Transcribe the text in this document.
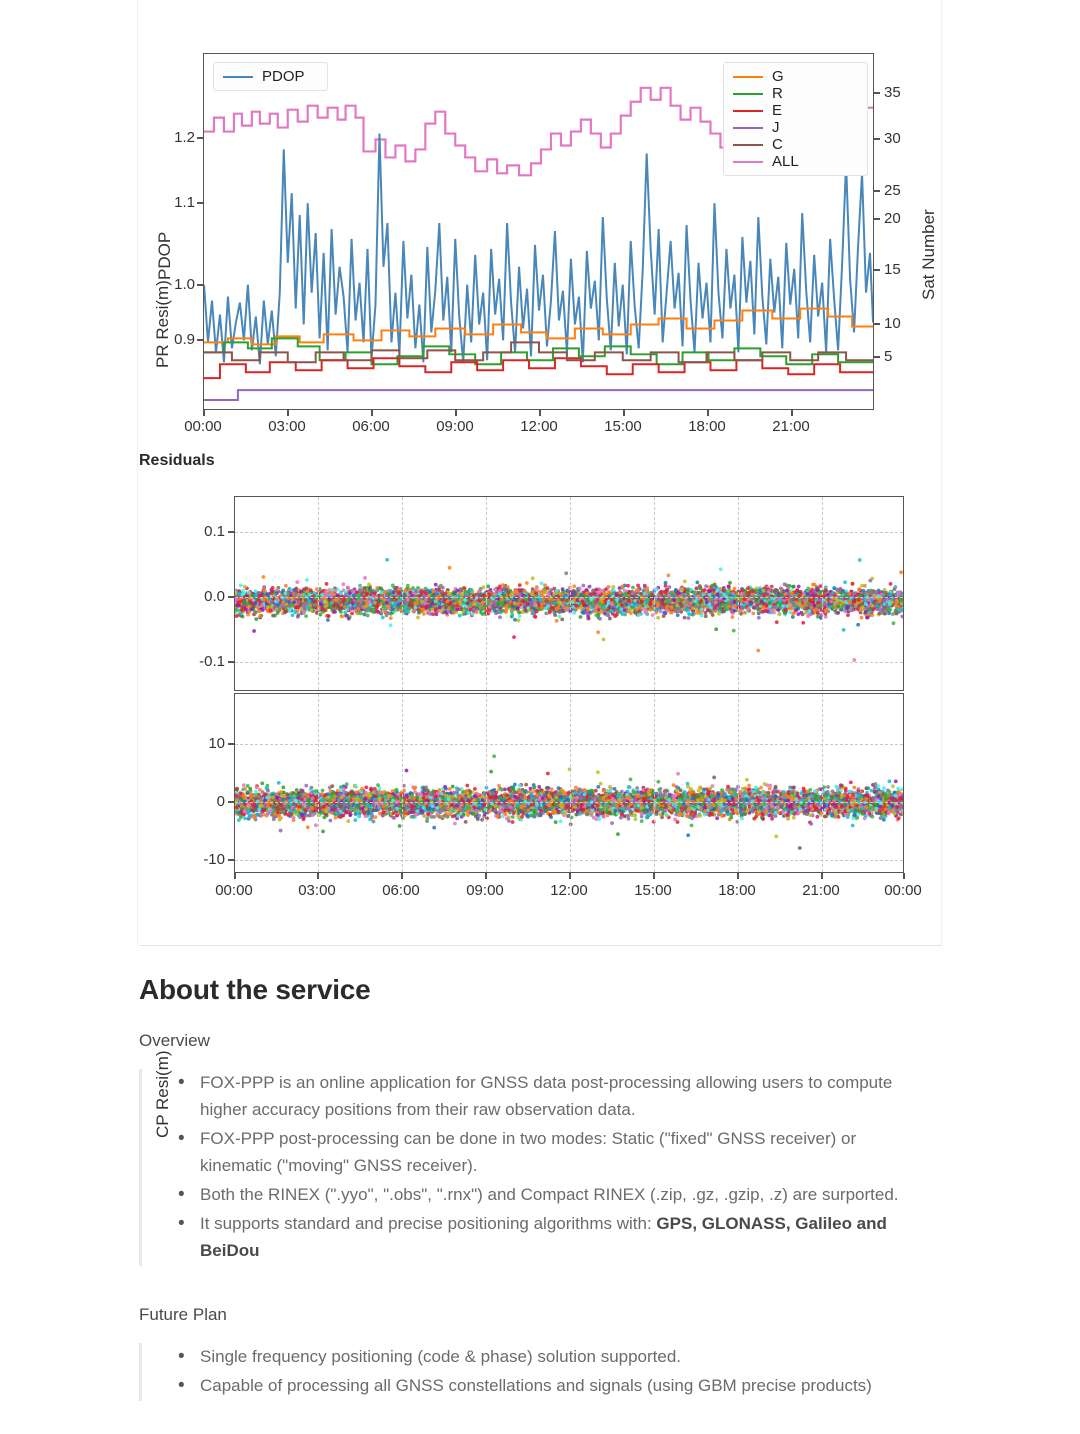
PDOP	Sat Number
PDOP	G
R
E
J
C
ALL
0.9
1.0
1.1
1.2
5
10
15
20
25
30
35
00:00	03:00	06:00	09:00	12:00	15:00	18:00	21:00
Residuals
CP Resi(m)
PR Resi(m)
0.1
0.0
-0.1
10
0
-10
00:00	03:00	06:00	09:00	12:00	15:00	18:00	21:00	00:00
About the service
Overview
• FOX-PPP is an online application for GNSS data post-processing allowing users to compute higher accuracy positions from their raw observation data.
• FOX-PPP post-processing can be done in two modes: Static ("fixed" GNSS receiver) or kinematic ("moving" GNSS receiver).
• Both the RINEX (".yyo", ".obs", ".rnx") and Compact RINEX (.zip, .gz, .gzip, .z) are surported.
• It supports standard and precise positioning algorithms with: GPS, GLONASS, Galileo and BeiDou
Future Plan
• Single frequency positioning (code & phase) solution supported.
• Capable of processing all GNSS constellations and signals (using GBM precise products)
